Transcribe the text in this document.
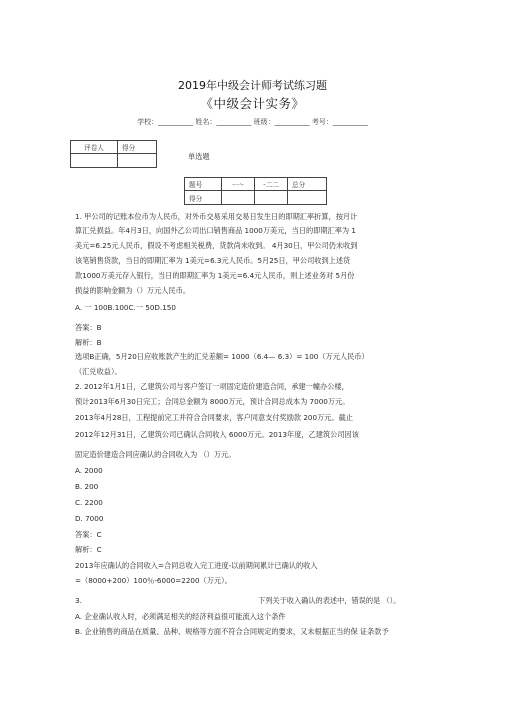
2019年中级会计师考试练习题
《中级会计实务》
学校：__________ 姓名：__________ 班级：__________ 考号：__________
评卷人	得分

单选题
题号	-一-	-二二	总分
得分			
1. 甲公司的记账本位币为人民币，对外币交易采用交易日发生日的即期汇率折算，按月计
算汇兑损益。年4月3日，向国外乙公司出口销售商品 1000万美元，当日的即期汇率为 1
美元=6.25元人民币，假设不考虑相关税费，货款尚未收到。 4月30日，甲公司仍未收到
该笔销售货款，当日的即期汇率为 1美元=6.3元人民币。5月25日，甲公司收到上述货
款1000万美元存入银行，当日的即期汇率为 1美元=6.4元人民币，则上述业务对 5月份
损益的影响金额为（）万元人民币。
A. 一 100B.100C.一 50D.150
答案：B
解析：B
选项B正确，5月20日应收账款产生的汇兑差额= 1000（6.4— 6.3）= 100（万元人民币）
（汇兑收益）。
2. 2012年1月1日，乙建筑公司与客户签订一项固定造价建造合同，承建一幢办公楼，
预计2013年6月30日完工；合同总金额为 8000万元，预计合同总成本为 7000万元。
2013年4月28日，工程提前完工并符合合同要求，客户同意支付奖励款 200万元。截止
2012年12月31日，乙建筑公司已确认合同收入 6000万元。2013年度，乙建筑公司因该
固定造价建造合同应确认的合同收入为 （）万元。
A. 2000
B. 200
C. 2200
D. 7000
答案：C
解析：C
2013年应确认的合同收入=合同总收入完工进度-以前期间累计已确认的收入
=（8000+200）100％-6000=2200（万元）。
3.	下列关于收入确认的表述中，错误的是 （）。
A. 企业确认收入时，必须满足相关的经济利益很可能流入这个条件
B. 企业销售的商品在质量、品种、规格等方面不符合合同规定的要求，又未根据正当的保 证条款予
